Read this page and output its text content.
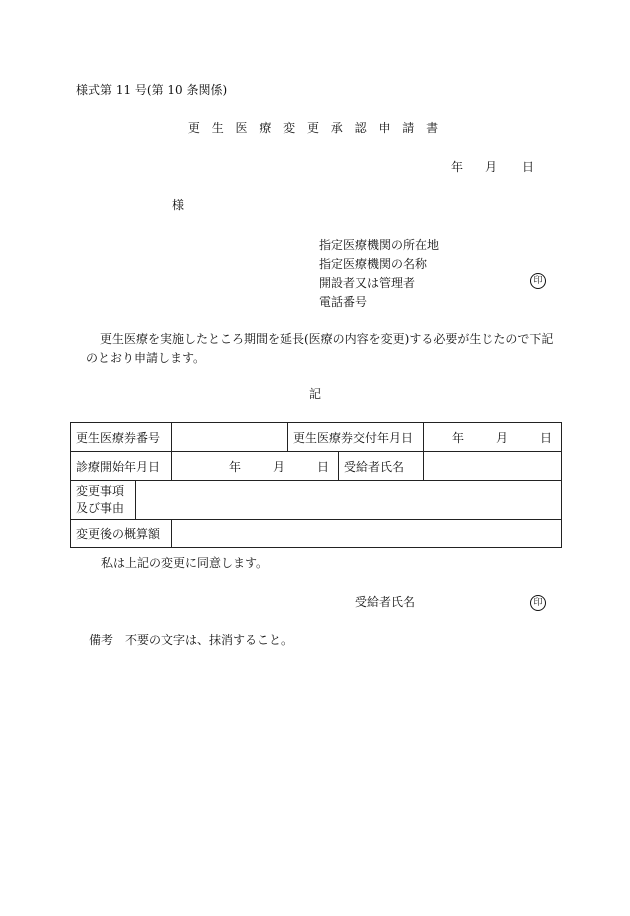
様式第 11 号(第 10 条関係)
更 生 医 療 変 更 承 認 申 請 書
年 月 日
様
指定医療機関の所在地
指定医療機関の名称
開設者又は管理者
電話番号
印
更生医療を実施したところ期間を延長(医療の内容を変更)する必要が生じたので下記
のとおり申請します。
記
更生医療券番号			更生医療券交付年月日		年 月 日

診療開始年月日		年 月 日		受給者氏名	

変更事項
及び事由					

変更後の概算額					
私は上記の変更に同意します。
受給者氏名	印
備考　不要の文字は、抹消すること。
